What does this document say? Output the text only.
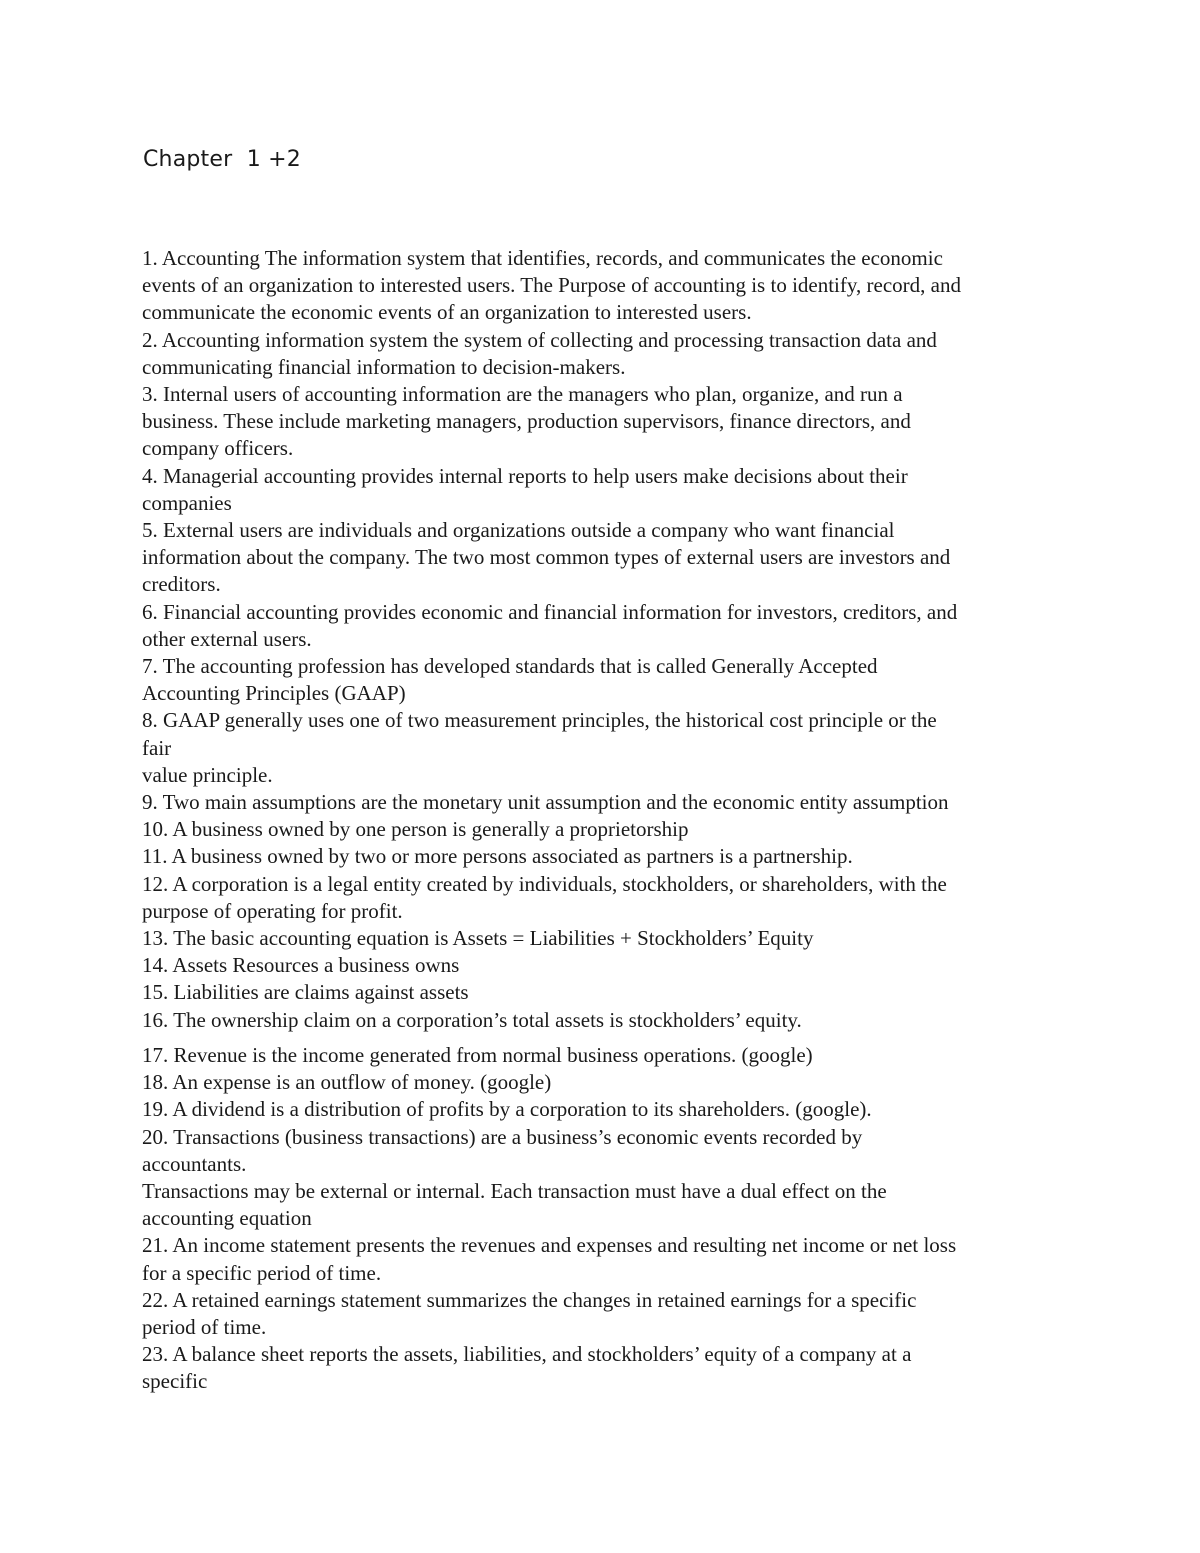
Chapter  1 +2

1. Accounting The information system that identifies, records, and communicates the economic

events of an organization to interested users. The Purpose of accounting is to identify, record, and

communicate the economic events of an organization to interested users.

2. Accounting information system the system of collecting and processing transaction data and

communicating financial information to decision-makers.

3. Internal users of accounting information are the managers who plan, organize, and run a

business. These include marketing managers, production supervisors, finance directors, and

company officers.

4. Managerial accounting provides internal reports to help users make decisions about their

companies

5. External users are individuals and organizations outside a company who want financial

information about the company. The two most common types of external users are investors and

creditors.

6. Financial accounting provides economic and financial information for investors, creditors, and

other external users.

7. The accounting profession has developed standards that is called Generally Accepted

Accounting Principles (GAAP)

8. GAAP generally uses one of two measurement principles, the historical cost principle or the

fair

value principle.

9. Two main assumptions are the monetary unit assumption and the economic entity assumption

10. A business owned by one person is generally a proprietorship

11. A business owned by two or more persons associated as partners is a partnership.

12. A corporation is a legal entity created by individuals, stockholders, or shareholders, with the

purpose of operating for profit.

13. The basic accounting equation is Assets = Liabilities + Stockholders’ Equity

14. Assets Resources a business owns

15. Liabilities are claims against assets

16. The ownership claim on a corporation’s total assets is stockholders’ equity.

17. Revenue is the income generated from normal business operations. (google)

18. An expense is an outflow of money. (google)

19. A dividend is a distribution of profits by a corporation to its shareholders. (google).

20. Transactions (business transactions) are a business’s economic events recorded by

accountants.

Transactions may be external or internal. Each transaction must have a dual effect on the

accounting equation

21. An income statement presents the revenues and expenses and resulting net income or net loss

for a specific period of time.

22. A retained earnings statement summarizes the changes in retained earnings for a specific

period of time.

23. A balance sheet reports the assets, liabilities, and stockholders’ equity of a company at a

specific
